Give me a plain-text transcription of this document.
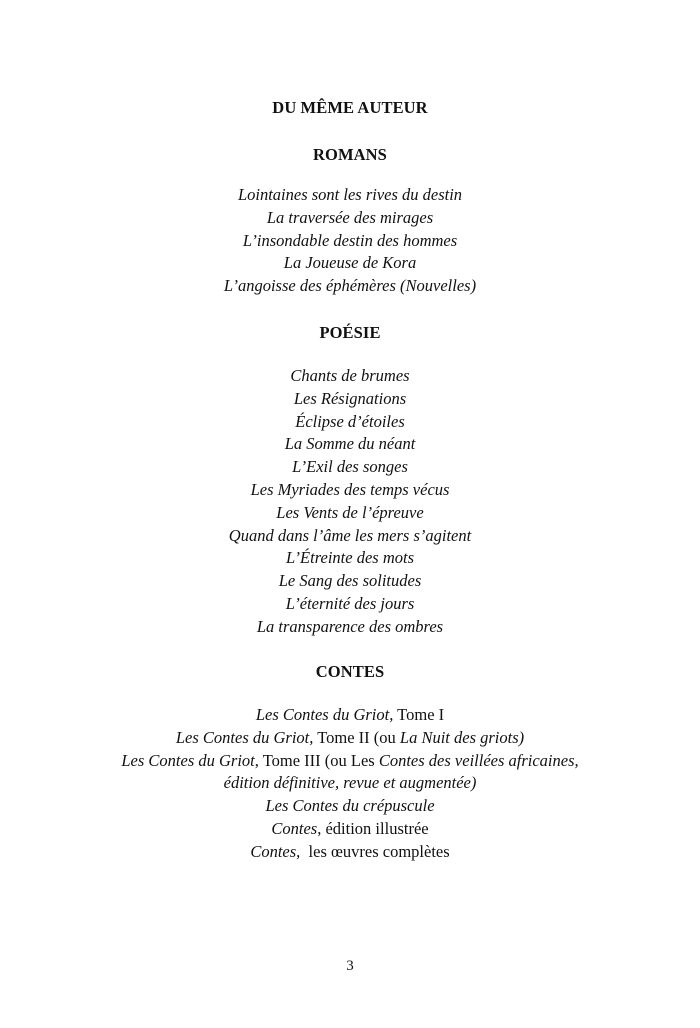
DU MÊME AUTEUR
ROMANS
Lointaines sont les rives du destin
La traversée des mirages
L’insondable destin des hommes
La Joueuse de Kora
L’angoisse des éphémères (Nouvelles)
POÉSIE
Chants de brumes
Les Résignations
Éclipse d’étoiles
La Somme du néant
L’Exil des songes
Les Myriades des temps vécus
Les Vents de l’épreuve
Quand dans l’âme les mers s’agitent
L’Étreinte des mots
Le Sang des solitudes
L’éternité des jours
La transparence des ombres
CONTES
Les Contes du Griot, Tome I
Les Contes du Griot, Tome II (ou La Nuit des griots)
Les Contes du Griot, Tome III (ou Les Contes des veillées africaines,
édition définitive, revue et augmentée)
Les Contes du crépuscule
Contes, édition illustrée
Contes,  les œuvres complètes
3
